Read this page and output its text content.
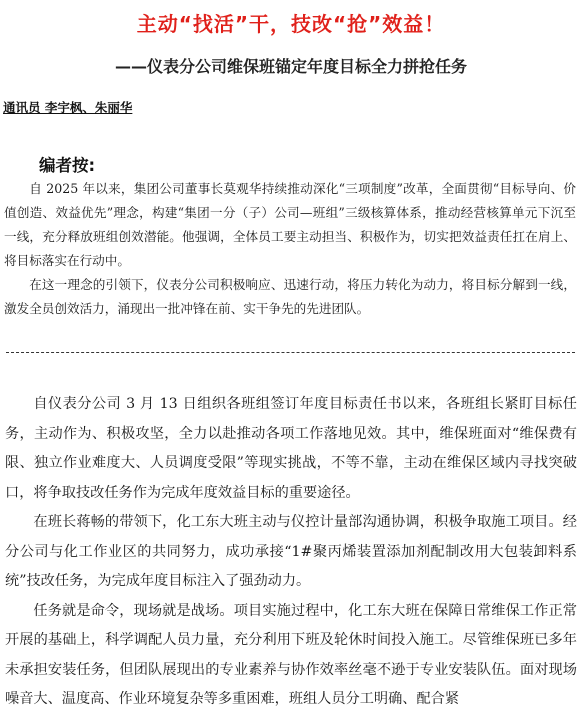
主动“找活”干，技改“抢”效益！
——仪表分公司维保班锚定年度目标全力拼抢任务
通讯员 李宇枫、朱丽华
编者按:

自 2025 年以来，集团公司董事长莫观华持续推动深化“三项制度”改革，全面贯彻“目标导向、价值创造、效益优先”理念，构建“集团一分（子）公司—班组”三级核算体系，推动经营核算单元下沉至一线，充分释放班组创效潜能。他强调，全体员工要主动担当、积极作为，切实把效益责任扛在肩上、将目标落实在行动中。

在这一理念的引领下，仪表分公司积极响应、迅速行动，将压力转化为动力，将目标分解到一线，激发全员创效活力，涌现出一批冲锋在前、实干争先的先进团队。

自仪表分公司 3 月 13 日组织各班组签订年度目标责任书以来，各班组长紧盯目标任务，主动作为、积极攻坚，全力以赴推动各项工作落地见效。其中，维保班面对“维保费有限、独立作业难度大、人员调度受限”等现实挑战，不等不靠，主动在维保区域内寻找突破口，将争取技改任务作为完成年度效益目标的重要途径。

在班长蒋畅的带领下，化工东大班主动与仪控计量部沟通协调，积极争取施工项目。经分公司与化工作业区的共同努力，成功承接“1#聚丙烯装置添加剂配制改用大包装卸料系统”技改任务，为完成年度目标注入了强劲动力。

任务就是命令，现场就是战场。项目实施过程中，化工东大班在保障日常维保工作正常开展的基础上，科学调配人员力量，充分利用下班及轮休时间投入施工。尽管维保班已多年未承担安装任务，但团队展现出的专业素养与协作效率丝毫不逊于专业安装队伍。面对现场噪音大、温度高、作业环境复杂等多重困难，班组人员分工明确、配合紧
